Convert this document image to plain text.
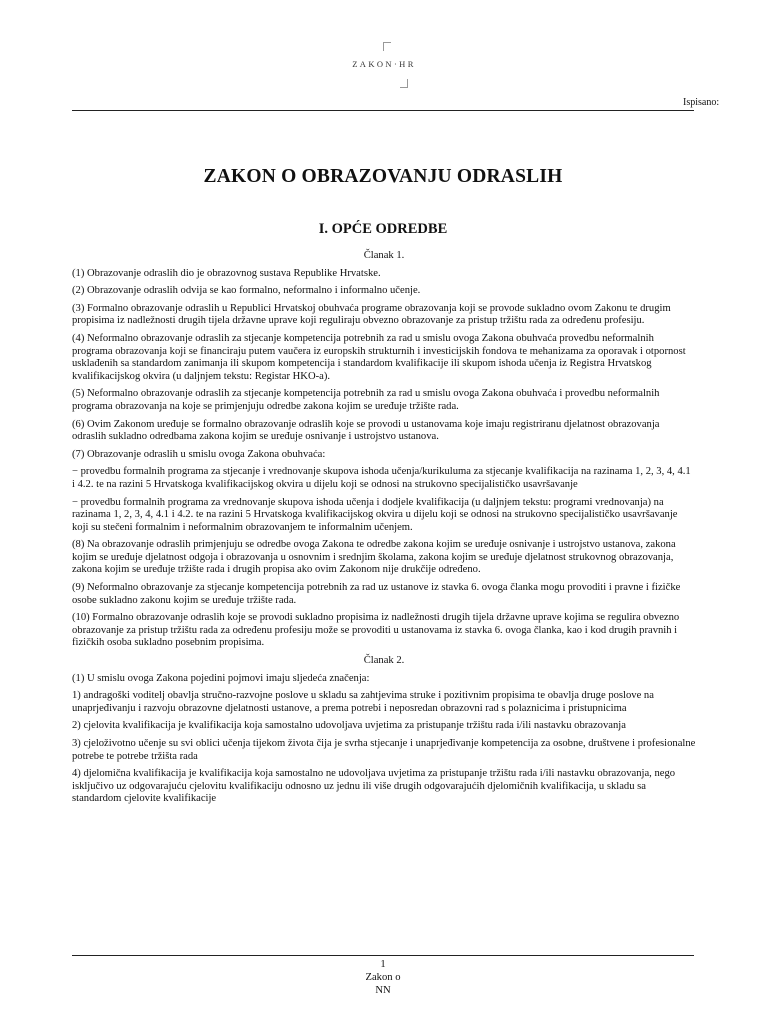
ZAKON·HR
Ispisano:
ZAKON O OBRAZOVANJU ODRASLIH
I. OPĆE ODREDBE
Članak 1.

(1) Obrazovanje odraslih dio je obrazovnog sustava Republike Hrvatske.

(2) Obrazovanje odraslih odvija se kao formalno, neformalno i informalno učenje.

(3) Formalno obrazovanje odraslih u Republici Hrvatskoj obuhvaća programe obrazovanja koji se provode sukladno ovom Zakonu te drugim propisima iz nadležnosti drugih tijela državne uprave koji reguliraju obvezno obrazovanje za pristup tržištu rada za određenu profesiju.

(4) Neformalno obrazovanje odraslih za stjecanje kompetencija potrebnih za rad u smislu ovoga Zakona obuhvaća provedbu neformalnih programa obrazovanja koji se financiraju putem vaučera iz europskih strukturnih i investicijskih fondova te mehanizama za oporavak i otpornost usklađenih sa standardom zanimanja ili skupom kompetencija i standardom kvalifikacije ili skupom ishoda učenja iz Registra Hrvatskog kvalifikacijskog okvira (u daljnjem tekstu: Registar HKO-a).

(5) Neformalno obrazovanje odraslih za stjecanje kompetencija potrebnih za rad u smislu ovoga Zakona obuhvaća i provedbu neformalnih programa obrazovanja na koje se primjenjuju odredbe zakona kojim se uređuje tržište rada.

(6) Ovim Zakonom uređuje se formalno obrazovanje odraslih koje se provodi u ustanovama koje imaju registriranu djelatnost obrazovanja odraslih sukladno odredbama zakona kojim se uređuje osnivanje i ustrojstvo ustanova.

(7) Obrazovanje odraslih u smislu ovoga Zakona obuhvaća:

− provedbu formalnih programa za stjecanje i vrednovanje skupova ishoda učenja/kurikuluma za stjecanje kvalifikacija na razinama 1, 2, 3, 4, 4.1 i 4.2. te na razini 5 Hrvatskoga kvalifikacijskog okvira u dijelu koji se odnosi na strukovno specijalističko usavršavanje

− provedbu formalnih programa za vrednovanje skupova ishoda učenja i dodjele kvalifikacija (u daljnjem tekstu: programi vrednovanja) na razinama 1, 2, 3, 4, 4.1 i 4.2. te na razini 5 Hrvatskoga kvalifikacijskog okvira u dijelu koji se odnosi na strukovno specijalističko usavršavanje koji su stečeni formalnim i neformalnim obrazovanjem te informalnim učenjem.

(8) Na obrazovanje odraslih primjenjuju se odredbe ovoga Zakona te odredbe zakona kojim se uređuje osnivanje i ustrojstvo ustanova, zakona kojim se uređuje djelatnost odgoja i obrazovanja u osnovnim i srednjim školama, zakona kojim se uređuje djelatnost strukovnog obrazovanja, zakona kojim se uređuje tržište rada i drugih propisa ako ovim Zakonom nije drukčije određeno.

(9) Neformalno obrazovanje za stjecanje kompetencija potrebnih za rad uz ustanove iz stavka 6. ovoga članka mogu provoditi i pravne i fizičke osobe sukladno zakonu kojim se uređuje tržište rada.

(10) Formalno obrazovanje odraslih koje se provodi sukladno propisima iz nadležnosti drugih tijela državne uprave kojima se regulira obvezno obrazovanje za pristup tržištu rada za određenu profesiju može se provoditi u ustanovama iz stavka 6. ovoga članka, kao i kod drugih pravnih i fizičkih osoba sukladno posebnim propisima.

Članak 2.

(1) U smislu ovoga Zakona pojedini pojmovi imaju sljedeća značenja:

1) andragoški voditelj obavlja stručno-razvojne poslove u skladu sa zahtjevima struke i pozitivnim propisima te obavlja druge poslove na unaprjeđivanju i razvoju obrazovne djelatnosti ustanove, a prema potrebi i neposredan obrazovni rad s polaznicima i pristupnicima

2) cjelovita kvalifikacija je kvalifikacija koja samostalno udovoljava uvjetima za pristupanje tržištu rada i/ili nastavku obrazovanja

3) cjeloživotno učenje su svi oblici učenja tijekom života čija je svrha stjecanje i unaprjeđivanje kompetencija za osobne, društvene i profesionalne potrebe te potrebe tržišta rada

4) djelomična kvalifikacija je kvalifikacija koja samostalno ne udovoljava uvjetima za pristupanje tržištu rada i/ili nastavku obrazovanja, nego isključivo uz odgovarajuću cjelovitu kvalifikaciju odnosno uz jednu ili više drugih odgovarajućih djelomičnih kvalifikacija, u skladu sa standardom cjelovite kvalifikacije

1
Zakon o
NN
